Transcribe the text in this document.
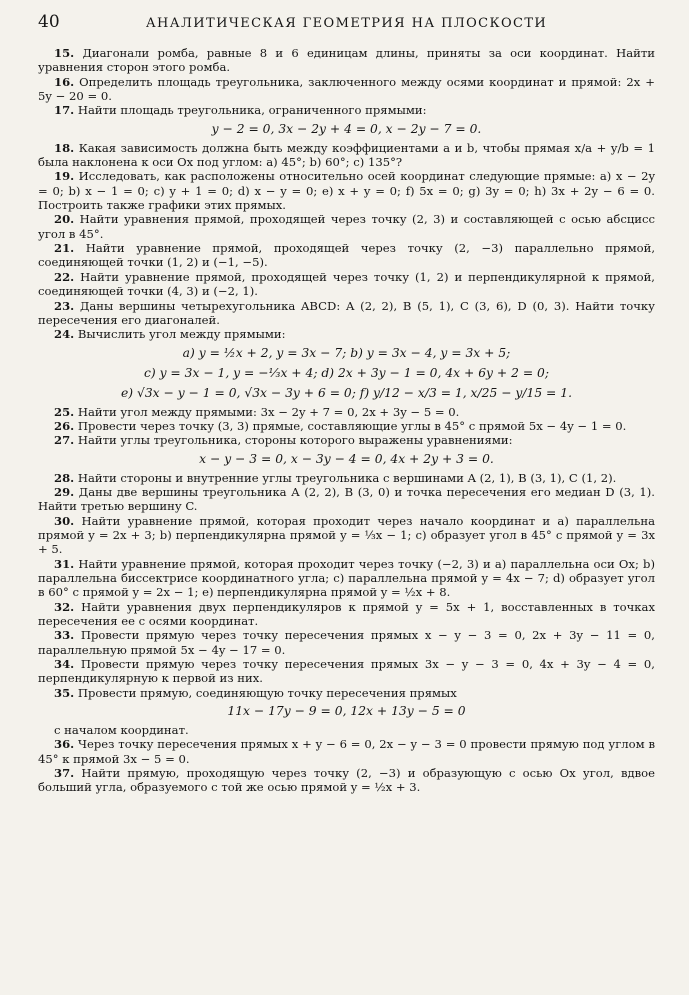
40	АНАЛИТИЧЕСКАЯ ГЕОМЕТРИЯ НА ПЛОСКОСТИ

15. Диагонали ромба, равные 8 и 6 единицам длины, приняты за оси координат. Найти уравнения сторон этого ромба.

16. Определить площадь треугольника, заключенного между осями координат и прямой: 2x + 5y − 20 = 0.

17. Найти площадь треугольника, ограниченного прямыми:

y − 2 = 0, 3x − 2y + 4 = 0, x − 2y − 7 = 0.

18. Какая зависимость должна быть между коэффициентами a и b, чтобы прямая x/a + y/b = 1 была наклонена к оси Ox под углом: a) 45°; b) 60°; c) 135°?

19. Исследовать, как расположены относительно осей координат следующие прямые: a) x − 2y = 0; b) x − 1 = 0; c) y + 1 = 0; d) x − y = 0; e) x + y = 0; f) 5x = 0; g) 3y = 0; h) 3x + 2y − 6 = 0. Построить также графики этих прямых.

20. Найти уравнения прямой, проходящей через точку (2, 3) и составляющей с осью абсцисс угол в 45°.

21. Найти уравнение прямой, проходящей через точку (2, −3) параллельно прямой, соединяющей точки (1, 2) и (−1, −5).

22. Найти уравнение прямой, проходящей через точку (1, 2) и перпендикулярной к прямой, соединяющей точки (4, 3) и (−2, 1).

23. Даны вершины четырехугольника ABCD: A (2, 2), B (5, 1), C (3, 6), D (0, 3). Найти точку пересечения его диагоналей.

24. Вычислить угол между прямыми:

a) y = ½x + 2, y = 3x − 7; b) y = 3x − 4, y = 3x + 5;
c) y = 3x − 1, y = −⅓x + 4; d) 2x + 3y − 1 = 0, 4x + 6y + 2 = 0;
e) √3x − y − 1 = 0, √3x − 3y + 6 = 0; f) y/12 − x/3 = 1, x/25 − y/15 = 1.

25. Найти угол между прямыми: 3x − 2y + 7 = 0, 2x + 3y − 5 = 0.

26. Провести через точку (3, 3) прямые, составляющие углы в 45° с прямой 5x − 4y − 1 = 0.

27. Найти углы треугольника, стороны которого выражены уравнениями:

x − y − 3 = 0, x − 3y − 4 = 0, 4x + 2y + 3 = 0.

28. Найти стороны и внутренние углы треугольника с вершинами A (2, 1), B (3, 1), C (1, 2).

29. Даны две вершины треугольника A (2, 2), B (3, 0) и точка пересечения его медиан D (3, 1). Найти третью вершину C.

30. Найти уравнение прямой, которая проходит через начало координат и a) параллельна прямой y = 2x + 3; b) перпендикулярна прямой y = ⅓x − 1; c) образует угол в 45° с прямой y = 3x + 5.

31. Найти уравнение прямой, которая проходит через точку (−2, 3) и a) параллельна оси Ox; b) параллельна биссектрисе координатного угла; c) параллельна прямой y = 4x − 7; d) образует угол в 60° с прямой y = 2x − 1; e) перпендикулярна прямой y = ½x + 8.

32. Найти уравнения двух перпендикуляров к прямой y = 5x + 1, восставленных в точках пересечения ее с осями координат.

33. Провести прямую через точку пересечения прямых x − y − 3 = 0, 2x + 3y − 11 = 0, параллельную прямой 5x − 4y − 17 = 0.

34. Провести прямую через точку пересечения прямых 3x − y − 3 = 0, 4x + 3y − 4 = 0, перпендикулярную к первой из них.

35. Провести прямую, соединяющую точку пересечения прямых

11x − 17y − 9 = 0, 12x + 13y − 5 = 0

с началом координат.

36. Через точку пересечения прямых x + y − 6 = 0, 2x − y − 3 = 0 провести прямую под углом в 45° к прямой 3x − 5 = 0.

37. Найти прямую, проходящую через точку (2, −3) и образующую с осью Ox угол, вдвое больший угла, образуемого с той же осью прямой y = ½x + 3.
